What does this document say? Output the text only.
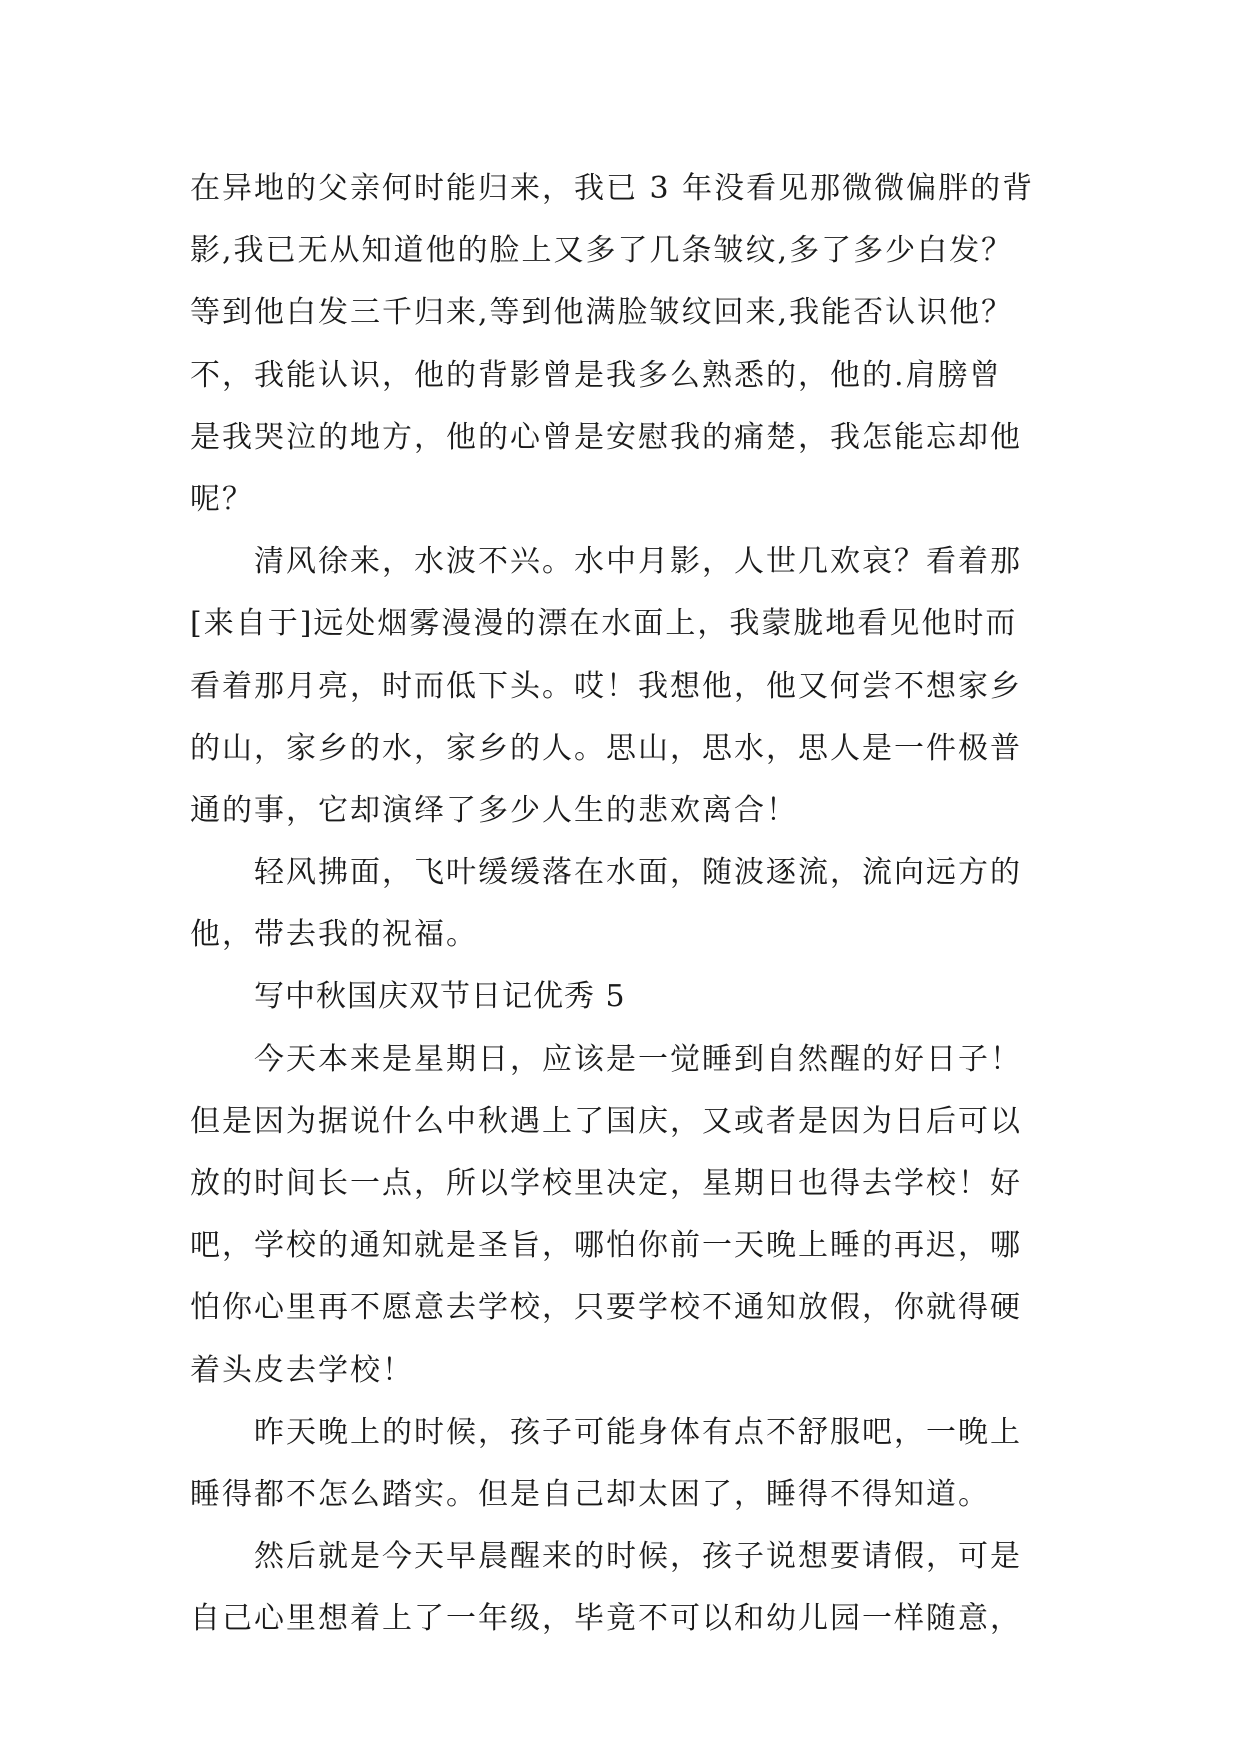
在异地的父亲何时能归来，我已 3 年没看见那微微偏胖的背
影,我已无从知道他的脸上又多了几条皱纹,多了多少白发？
等到他白发三千归来,等到他满脸皱纹回来,我能否认识他？
不，我能认识，他的背影曾是我多么熟悉的，他的.肩膀曾
是我哭泣的地方，他的心曾是安慰我的痛楚，我怎能忘却他
呢？
清风徐来，水波不兴。水中月影，人世几欢哀？看着那
[来自于]远处烟雾漫漫的漂在水面上，我蒙胧地看见他时而
看着那月亮，时而低下头。哎！我想他，他又何尝不想家乡
的山，家乡的水，家乡的人。思山，思水，思人是一件极普
通的事，它却演绎了多少人生的悲欢离合！
轻风拂面，飞叶缓缓落在水面，随波逐流，流向远方的
他，带去我的祝福。
写中秋国庆双节日记优秀 5
今天本来是星期日，应该是一觉睡到自然醒的好日子！
但是因为据说什么中秋遇上了国庆，又或者是因为日后可以
放的时间长一点，所以学校里决定，星期日也得去学校！好
吧，学校的通知就是圣旨，哪怕你前一天晚上睡的再迟，哪
怕你心里再不愿意去学校，只要学校不通知放假，你就得硬
着头皮去学校！
昨天晚上的时候，孩子可能身体有点不舒服吧，一晚上
睡得都不怎么踏实。但是自己却太困了，睡得不得知道。
然后就是今天早晨醒来的时候，孩子说想要请假，可是
自己心里想着上了一年级，毕竟不可以和幼儿园一样随意，
